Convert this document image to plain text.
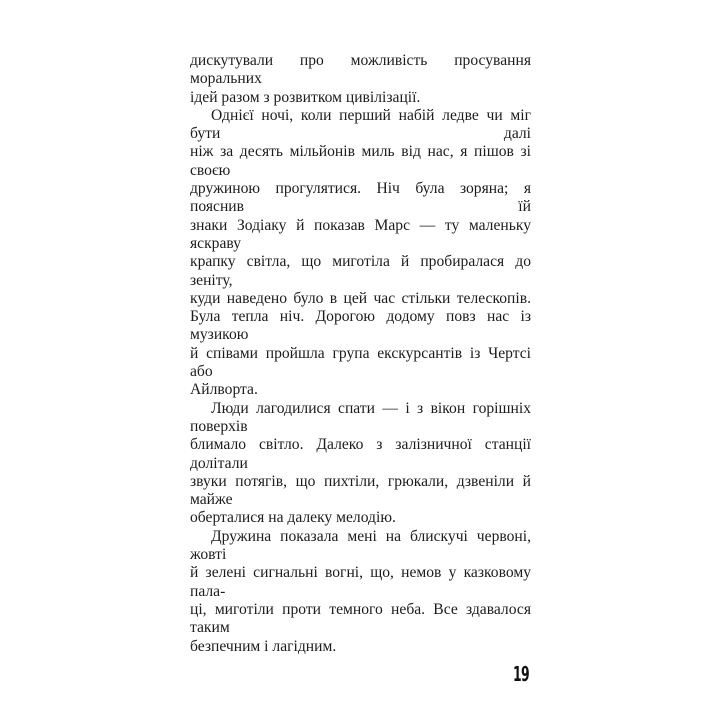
дискутували про можливість просування моральних
ідей разом з розвитком цивілізації.
Однієї ночі, коли перший набій ледве чи міг бути далі
ніж за десять мільйонів миль від нас, я пішов зі своєю
дружиною прогулятися. Ніч була зоряна; я пояснив їй
знаки Зодіаку й показав Марс — ту маленьку яскраву
крапку світла, що миготіла й пробиралася до зеніту,
куди наведено було в цей час стільки телескопів.
Була тепла ніч. Дорогою додому повз нас із музикою
й співами пройшла група екскурсантів із Чертсі або
Айлворта.
Люди лагодилися спати — і з вікон горішніх поверхів
блимало світло. Далеко з залізничної станції долітали
звуки потягів, що пихтіли, грюкали, дзвеніли й майже
оберталися на далеку мелодію.
Дружина показала мені на блискучі червоні, жовті
й зелені сигнальні вогні, що, немов у казковому пала-
ці, миготіли проти темного неба. Все здавалося таким
безпечним і лагідним.
19
